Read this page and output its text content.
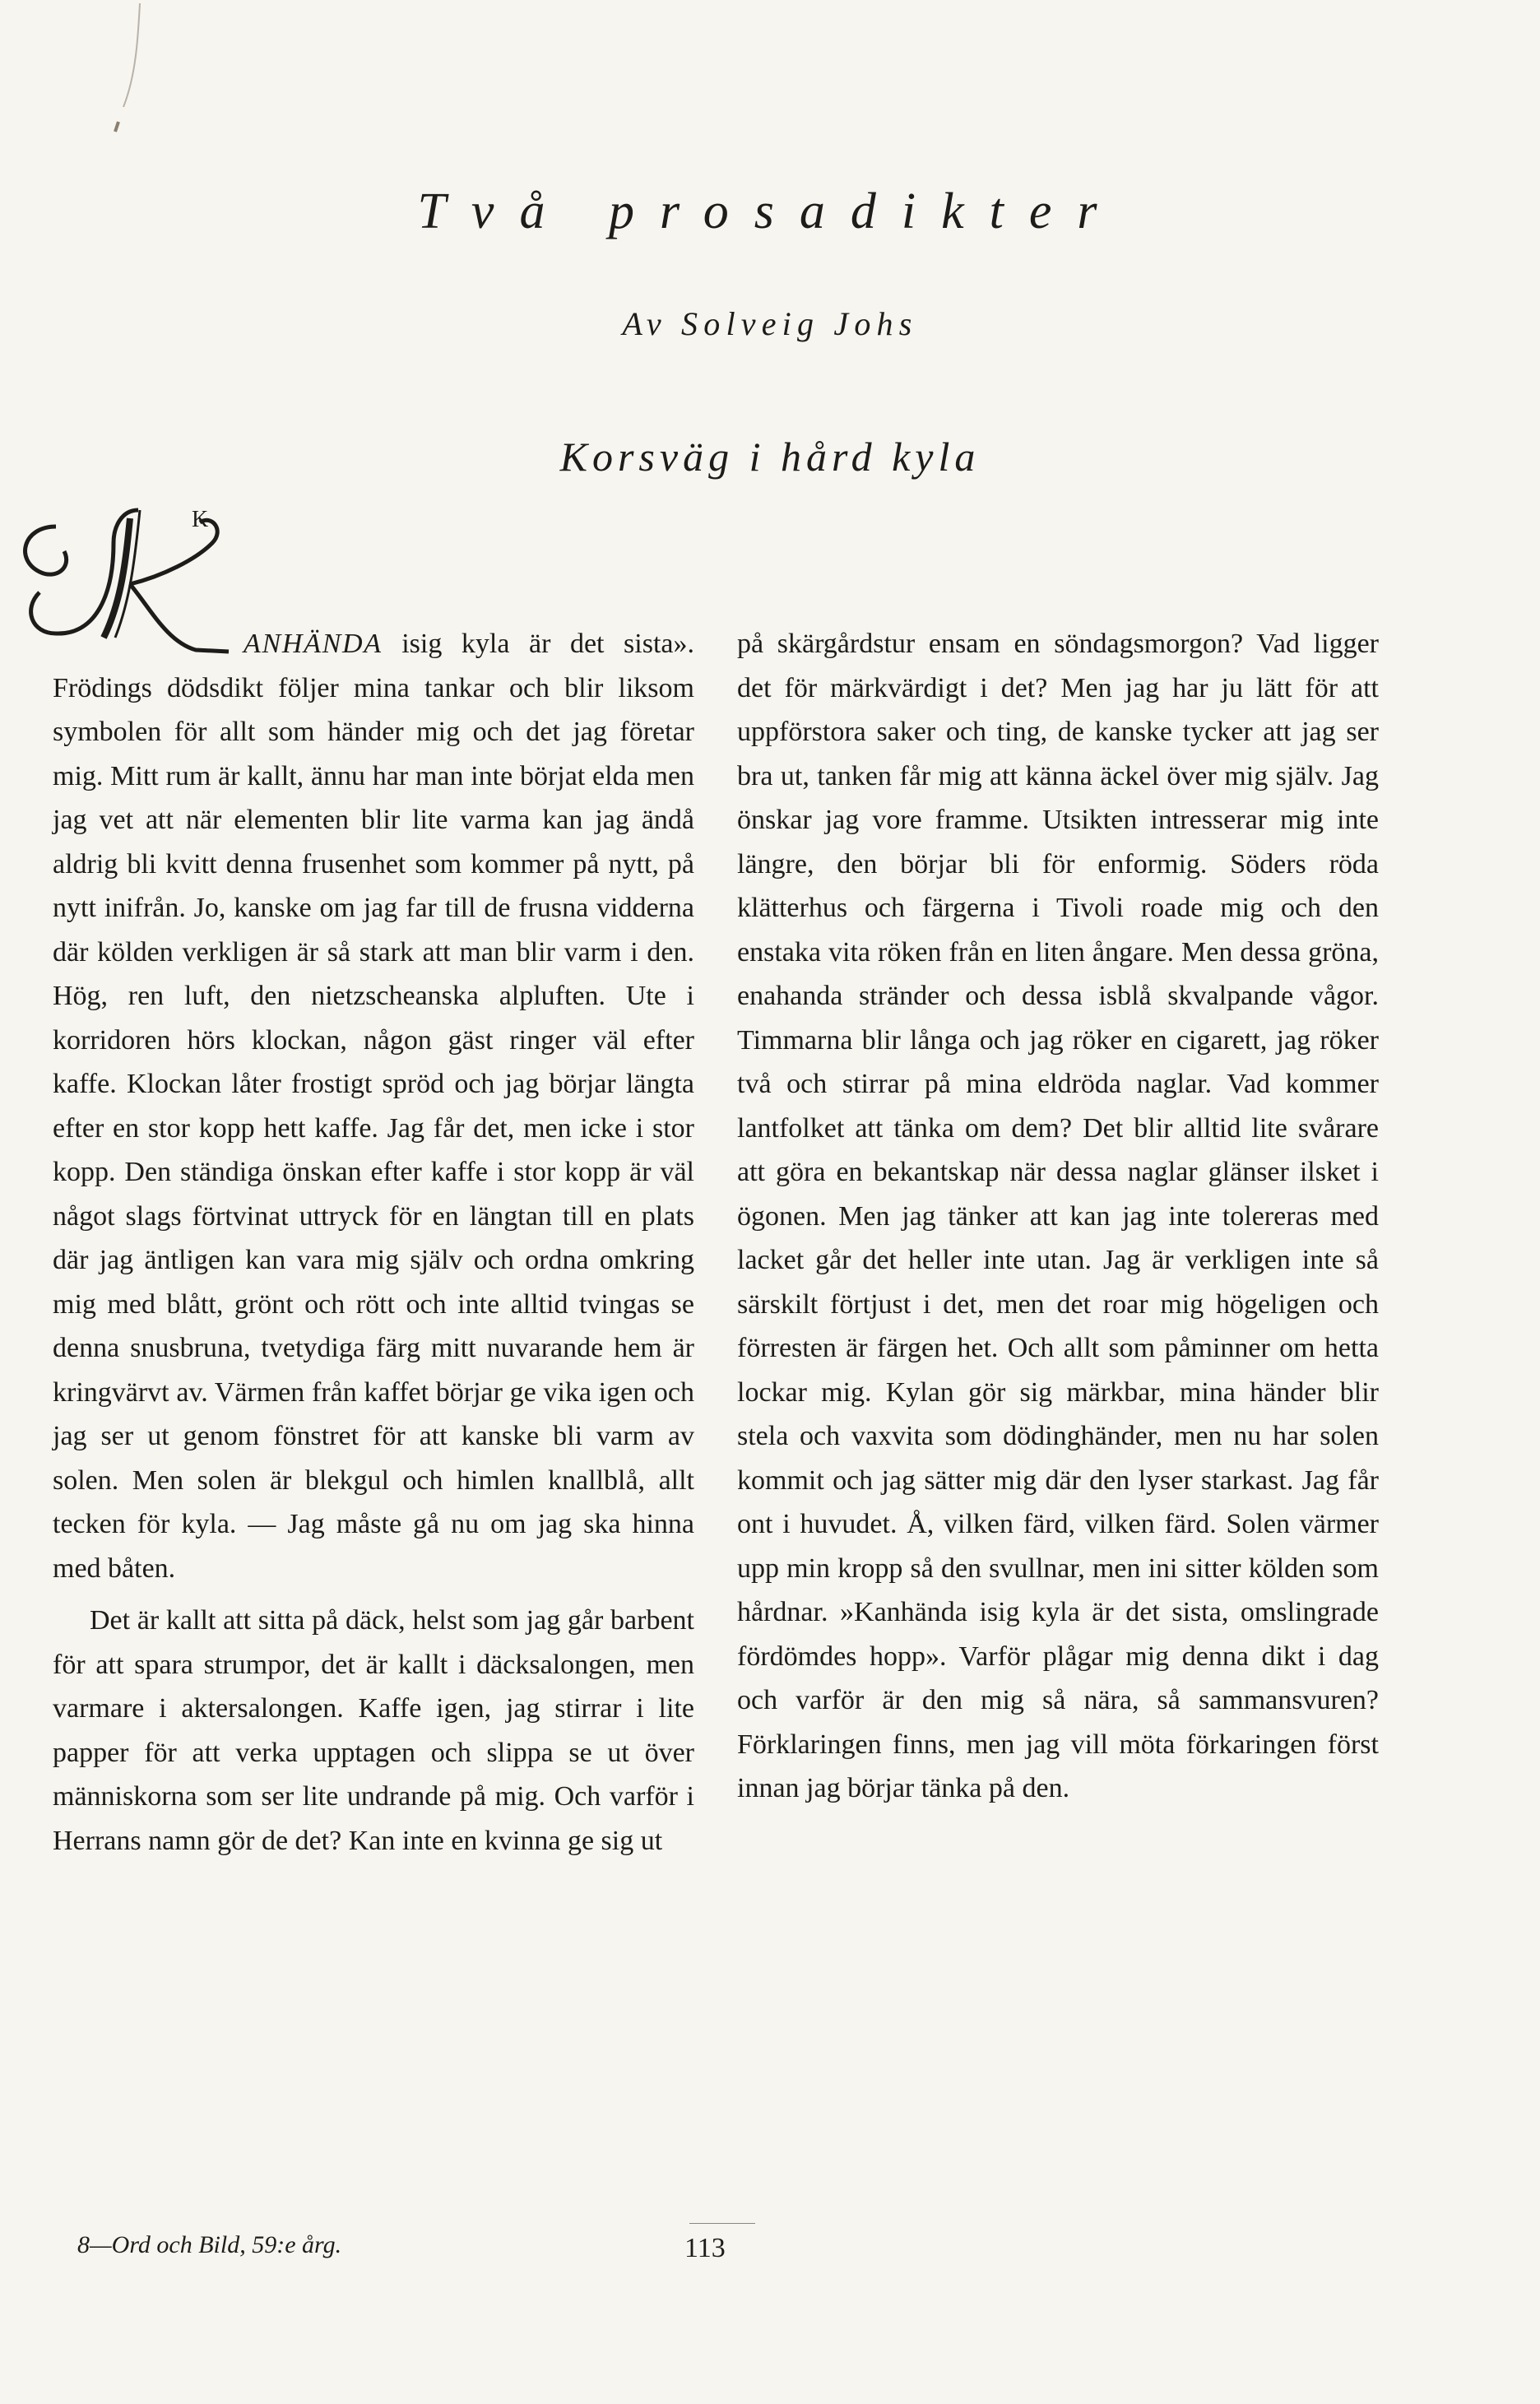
Två prosadikter
Av Solveig Johs
Korsväg i hård kyla
K

ANHÄNDA isig kyla är det sista». Frödings dödsdikt följer mina tankar och blir liksom symbolen för allt som händer mig och det jag företar mig. Mitt rum är kallt, ännu har man inte börjat elda men jag vet att när elementen blir lite varma kan jag ändå aldrig bli kvitt denna frusenhet som kommer på nytt, på nytt inifrån. Jo, kanske om jag far till de frusna vidderna där kölden verkligen är så stark att man blir varm i den. Hög, ren luft, den nietzscheanska alpluften. Ute i korridoren hörs klockan, någon gäst ringer väl efter kaffe. Klockan låter frostigt spröd och jag börjar längta efter en stor kopp hett kaffe. Jag får det, men icke i stor kopp. Den ständiga önskan efter kaffe i stor kopp är väl något slags förtvinat uttryck för en längtan till en plats där jag äntligen kan vara mig själv och ordna omkring mig med blått, grönt och rött och inte alltid tvingas se denna snusbruna, tvetydiga färg mitt nuvarande hem är kringvärvt av. Värmen från kaffet börjar ge vika igen och jag ser ut genom fönstret för att kanske bli varm av solen. Men solen är blekgul och himlen knallblå, allt tecken för kyla. — Jag måste gå nu om jag ska hinna med båten.

Det är kallt att sitta på däck, helst som jag går barbent för att spara strumpor, det är kallt i däcksalongen, men varmare i aktersalongen. Kaffe igen, jag stirrar i lite papper för att verka upptagen och slippa se ut över människorna som ser lite undrande på mig. Och varför i Herrans namn gör de det? Kan inte en kvinna ge sig ut

på skärgårdstur ensam en söndagsmorgon? Vad ligger det för märkvärdigt i det? Men jag har ju lätt för att uppförstora saker och ting, de kanske tycker att jag ser bra ut, tanken får mig att känna äckel över mig själv. Jag önskar jag vore framme. Utsikten intresserar mig inte längre, den börjar bli för enformig. Söders röda klätterhus och färgerna i Tivoli roade mig och den enstaka vita röken från en liten ångare. Men dessa gröna, enahanda stränder och dessa isblå skvalpande vågor. Timmarna blir långa och jag röker en cigarett, jag röker två och stirrar på mina eldröda naglar. Vad kommer lantfolket att tänka om dem? Det blir alltid lite svårare att göra en bekantskap när dessa naglar glänser ilsket i ögonen. Men jag tänker att kan jag inte tolereras med lacket går det heller inte utan. Jag är verkligen inte så särskilt förtjust i det, men det roar mig högeligen och förresten är färgen het. Och allt som påminner om hetta lockar mig. Kylan gör sig märkbar, mina händer blir stela och vaxvita som dödinghänder, men nu har solen kommit och jag sätter mig där den lyser starkast. Jag får ont i huvudet. Å, vilken färd, vilken färd. Solen värmer upp min kropp så den svullnar, men ini sitter kölden som hårdnar. »Kanhända isig kyla är det sista, omslingrade fördömdes hopp». Varför plågar mig denna dikt i dag och varför är den mig så nära, så sammansvuren? Förklaringen finns, men jag vill möta förkaringen först innan jag börjar tänka på den.

8—Ord och Bild, 59:e årg.	113
